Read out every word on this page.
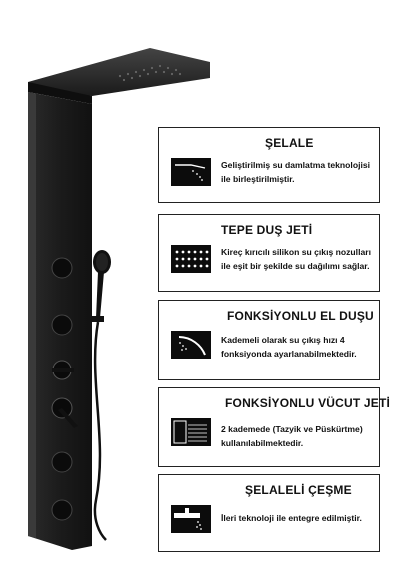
ŞELALE
Geliştirilmiş su damlatma teknolojisi ile birleştirilmiştir.
TEPE DUŞ JETİ
Kireç kırıcılı silikon su çıkış nozulları ile eşit bir şekilde su dağılımı sağlar.
FONKSİYONLU EL DUŞU
Kademeli olarak su çıkış hızı 4 fonksiyonda ayarlanabilmektedir.
FONKSİYONLU VÜCUT JETİ
2 kademede (Tazyik ve Püskürtme) kullanılabilmektedir.
ŞELALELİ ÇEŞME
İleri teknoloji ile entegre edilmiştir.
